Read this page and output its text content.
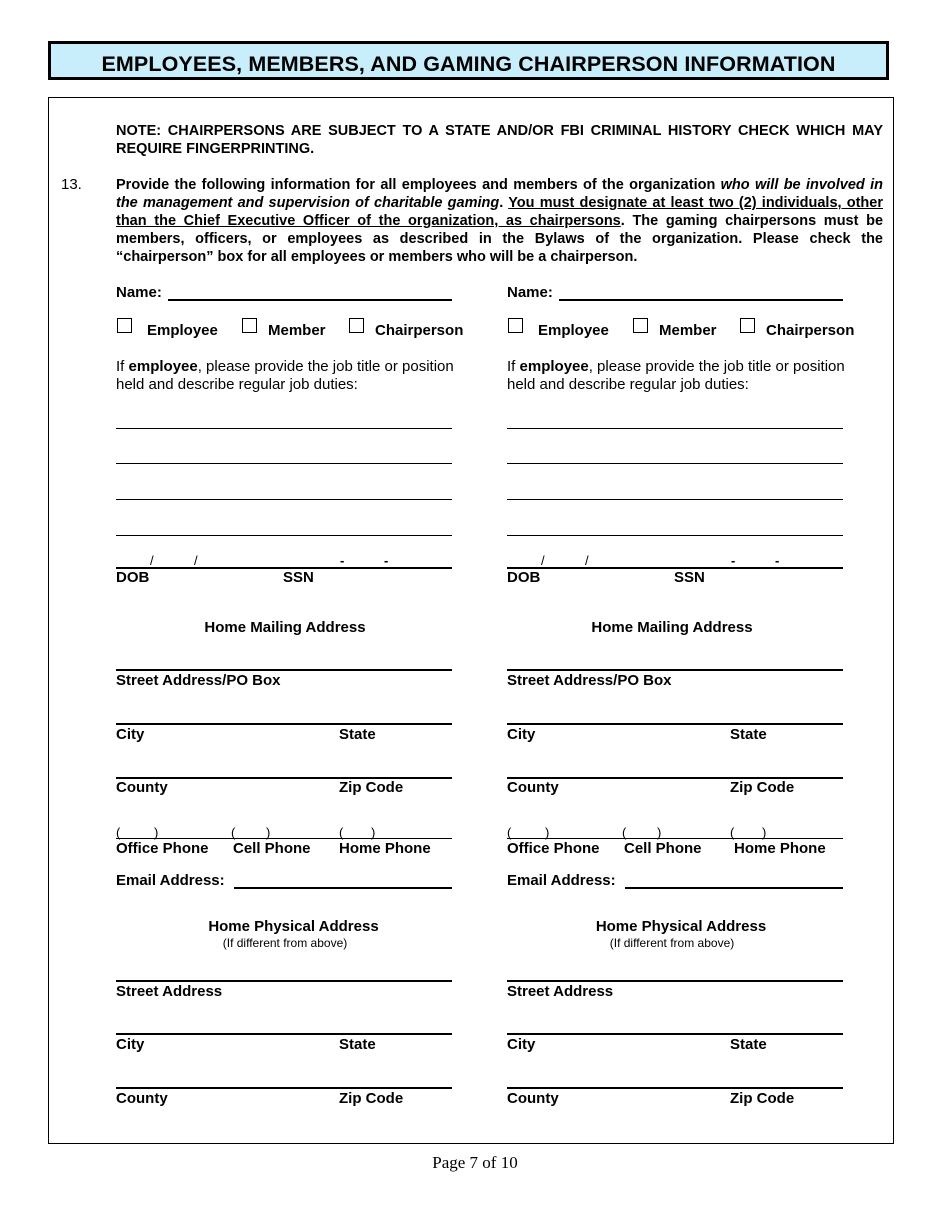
EMPLOYEES, MEMBERS, AND GAMING CHAIRPERSON INFORMATION
NOTE: CHAIRPERSONS ARE SUBJECT TO A STATE AND/OR FBI CRIMINAL HISTORY CHECK WHICH MAY REQUIRE FINGERPRINTING.
13. Provide the following information for all employees and members of the organization who will be involved in the management and supervision of charitable gaming. You must designate at least two (2) individuals, other than the Chief Executive Officer of the organization, as chairpersons. The gaming chairpersons must be members, officers, or employees as described in the Bylaws of the organization. Please check the “chairperson” box for all employees or members who will be a chairperson.
Name:
Employee	Member	Chairperson
If employee, please provide the job title or position held and describe regular job duties:
/	/	-	-
DOB	SSN
Home Mailing Address
Street Address/PO Box
City	State
County	Zip Code
(	)	( )	( )
Office Phone Cell Phone Home Phone
Email Address:
Home Physical Address
(If different from above)
Street Address
City	State
County	Zip Code
Name:
Employee	Member	Chairperson
If employee, please provide the job title or position held and describe regular job duties:
/	/	-	-
DOB	SSN
Home Mailing Address
Street Address/PO Box
City	State
County	Zip Code
(	)	( )	( )
Office Phone Cell Phone Home Phone
Email Address:
Home Physical Address
(If different from above)
Street Address
City	State
County	Zip Code
Page 7 of 10
